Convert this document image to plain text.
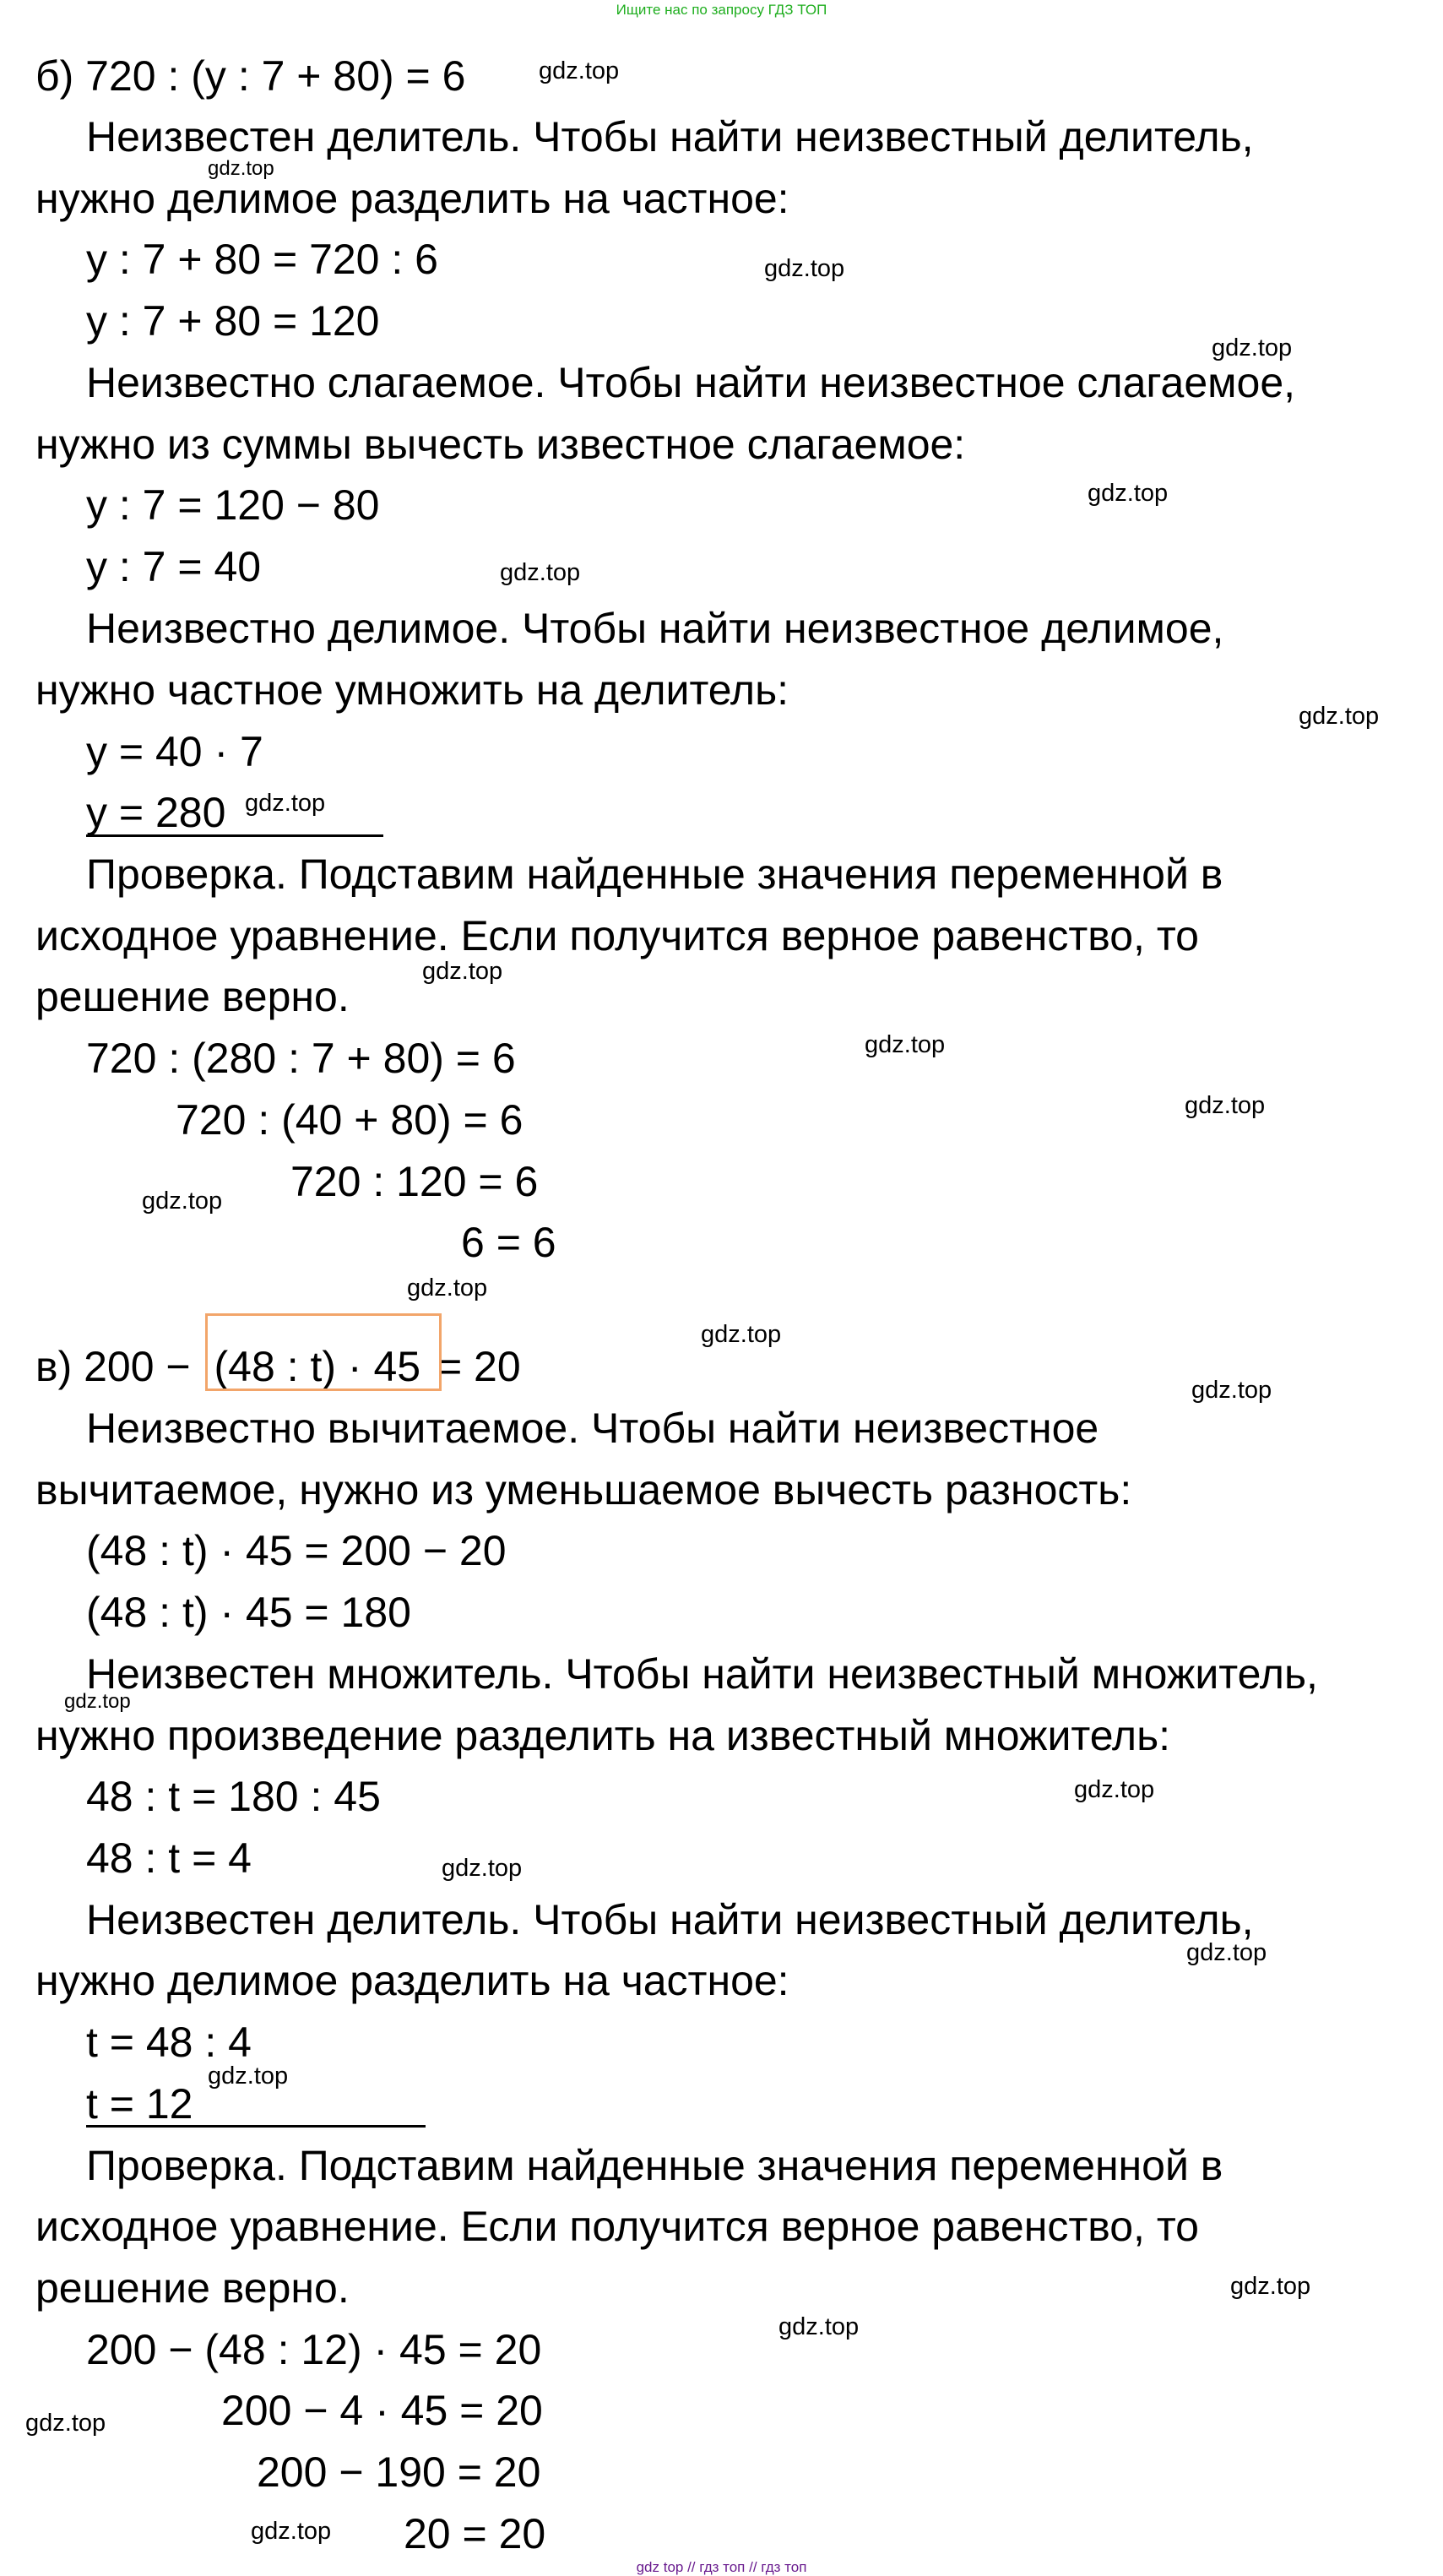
Ищите нас по запросу ГДЗ ТОП
б) 720 : (y : 7 + 80) = 6
Неизвестен делитель. Чтобы найти неизвестный делитель,
нужно делимое разделить на частное:
y : 7 + 80 = 720 : 6
y : 7 + 80 = 120
Неизвестно слагаемое. Чтобы найти неизвестное слагаемое,
нужно из суммы вычесть известное слагаемое:
y : 7 = 120 − 80
y : 7 = 40
Неизвестно делимое. Чтобы найти неизвестное делимое,
нужно частное умножить на делитель:
y = 40 · 7
y = 280
Проверка. Подставим найденные значения переменной в
исходное уравнение. Если получится верное равенство, то
решение верно.
720 : (280 : 7 + 80) = 6
720 : (40 + 80) = 6
720 : 120 = 6
6 = 6
в) 200 − (48 : t) · 45 = 20
Неизвестно вычитаемое. Чтобы найти неизвестное
вычитаемое, нужно из уменьшаемое вычесть разность:
(48 : t) · 45 = 200 − 20
(48 : t) · 45 = 180
Неизвестен множитель. Чтобы найти неизвестный множитель,
нужно произведение разделить на известный множитель:
48 : t = 180 : 45
48 : t = 4
Неизвестен делитель. Чтобы найти неизвестный делитель,
нужно делимое разделить на частное:
t = 48 : 4
t = 12
Проверка. Подставим найденные значения переменной в
исходное уравнение. Если получится верное равенство, то
решение верно.
200 − (48 : 12) · 45 = 20
200 − 4 · 45 = 20
200 − 190 = 20
20 = 20
gdz.top
gdz.top
gdz.top
gdz.top
gdz.top
gdz.top
gdz.top
gdz.top
gdz.top
gdz.top
gdz.top
gdz.top
gdz.top
gdz.top
gdz.top
gdz.top
gdz.top
gdz.top
gdz.top
gdz.top
gdz.top
gdz.top
gdz.top
gdz.top
gdz top // гдз топ // гдз топ
